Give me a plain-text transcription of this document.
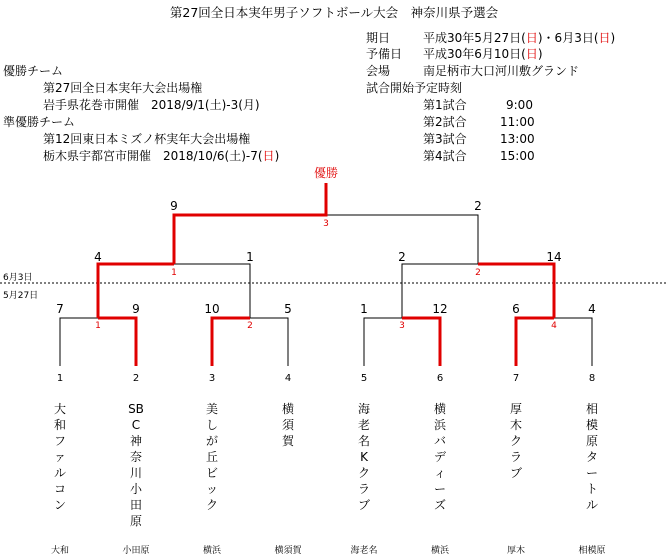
第27回全日本実年男子ソフトボール大会　神奈川県予選会
期日	平成30年5月27日(日)・6月3日(日)
予備日 平成30年6月10日(日)
会場	南足柄市大口河川敷グランド
試合開始予定時刻
第1試合	9:00
第2試合	11:00
第3試合	13:00
第4試合	15:00
優勝チーム
第27回全日本実年大会出場権
岩手県花巻市開催　2018/9/1(土)-3(月)
準優勝チーム
第12回東日本ミズノ杯実年大会出場権
栃木県宇都宮市開催　2018/10/6(土)-7(日)
優勝
6月3日
5月27日
9	2
3
4	1
1
2	14
2
7	9
1
10	5
2
1	12
3
6	4
4
1	2	3	4	5	6	7	8
大和ファルコン
SBC神奈川小田原
美しが丘ビック
横須賀
海老名Kクラブ
横浜バディーズ
厚木クラブ
相模原タートル
大和	小田原	横浜	横須賀	海老名	横浜	厚木	相模原
